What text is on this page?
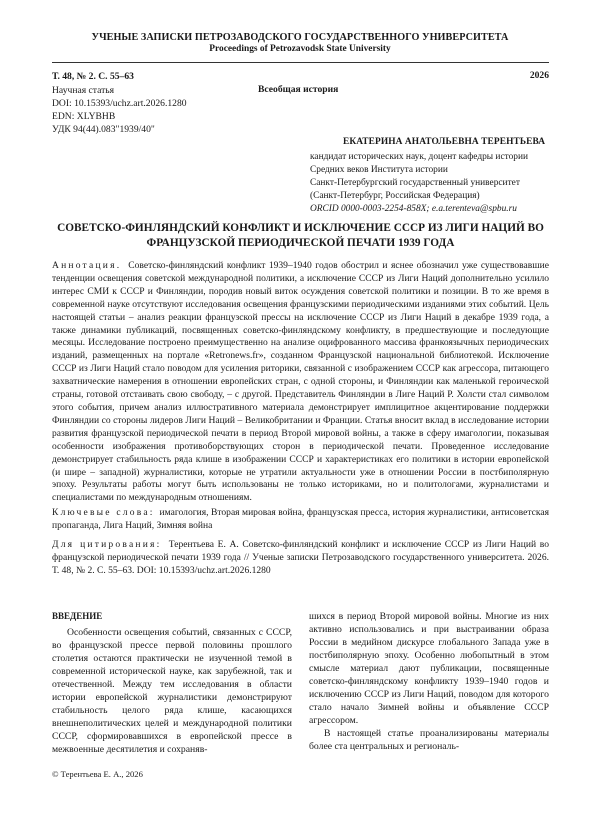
УЧЕНЫЕ ЗАПИСКИ ПЕТРОЗАВОДСКОГО ГОСУДАРСТВЕННОГО УНИВЕРСИТЕТА
Proceedings of Petrozavodsk State University
Т. 48, № 2. С. 55–63	2026
Научная статья	Всеобщая история
DOI: 10.15393/uchz.art.2026.1280
EDN: XLYBHB
УДК 94(44).083"1939/40"
ЕКАТЕРИНА АНАТОЛЬЕВНА ТЕРЕНТЬЕВА
кандидат исторических наук, доцент кафедры истории
Средних веков Института истории
Санкт-Петербургский государственный университет
(Санкт-Петербург, Российская Федерация)
ORCID 0000-0003-2254-858X; e.a.terenteva@spbu.ru
СОВЕТСКО-ФИНЛЯНДСКИЙ КОНФЛИКТ И ИСКЛЮЧЕНИЕ СССР ИЗ ЛИГИ НАЦИЙ ВО ФРАНЦУЗСКОЙ ПЕРИОДИЧЕСКОЙ ПЕЧАТИ 1939 ГОДА

Аннотация. Советско-финляндский конфликт 1939–1940 годов обострил и яснее обозначил уже существовавшие тенденции освещения советской международной политики, а исключение СССР из Лиги Наций дополнительно усилило интерес СМИ к СССР и Финляндии, породив новый виток осуждения советской политики и позиции. В то же время в современной науке отсутствуют исследования освещения французскими периодическими изданиями этих событий. Цель настоящей статьи – анализ реакции французской прессы на исключение СССР из Лиги Наций в декабре 1939 года, а также динамики публикаций, посвященных советско-финляндскому конфликту, в предшествующие и последующие месяцы. Исследование построено преимущественно на анализе оцифрованного массива франкоязычных периодических изданий, размещенных на портале «Retronews.fr», созданном Французской национальной библиотекой. Исключение СССР из Лиги Наций стало поводом для усиления риторики, связанной с изображением СССР как агрессора, питающего захватнические намерения в отношении европейских стран, с одной стороны, и Финляндии как маленькой героической страны, готовой отстаивать свою свободу, – с другой. Представитель Финляндии в Лиге Наций Р. Холсти стал символом этого события, причем анализ иллюстративного материала демонстрирует имплицитное акцентирование поддержки Финляндии со стороны лидеров Лиги Наций – Великобритании и Франции. Статья вносит вклад в исследование истории развития французской периодической печати в период Второй мировой войны, а также в сферу имагологии, показывая особенности изображения противоборствующих сторон в периодической печати. Проведенное исследование демонстрирует стабильность ряда клише в изображении СССР и характеристиках его политики в истории европейской (и шире – западной) журналистики, которые не утратили актуальности уже в отношении России в постбиполярную эпоху. Результаты работы могут быть использованы не только историками, но и политологами, журналистами и специалистами по международным отношениям.

Ключевые слова: имагология, Вторая мировая война, французская пресса, история журналистики, антисоветская пропаганда, Лига Наций, Зимняя война

Для цитирования: Терентьева Е. А. Советско-финляндский конфликт и исключение СССР из Лиги Наций во французской периодической печати 1939 года // Ученые записки Петрозаводского государственного университета. 2026. Т. 48, № 2. С. 55–63. DOI: 10.15393/uchz.art.2026.1280

ВВЕДЕНИЕ

Особенности освещения событий, связанных с СССР, во французской прессе первой половины прошлого столетия остаются практически не изученной темой в современной исторической науке, как зарубежной, так и отечественной. Между тем исследования в области истории европейской журналистики демонстрируют стабильность целого ряда клише, касающихся внешнеполитических целей и международной политики СССР, сформировавшихся в европейской прессе в межвоенные десятилетия и сохраняв-

шихся в период Второй мировой войны. Многие из них активно использовались и при выстраивании образа России в медийном дискурсе глобального Запада уже в постбиполярную эпоху. Особенно любопытный в этом смысле материал дают публикации, посвященные советско-финляндскому конфликту 1939–1940 годов и исключению СССР из Лиги Наций, поводом для которого стало начало Зимней войны и объявление СССР агрессором.

В настоящей статье проанализированы материалы более ста центральных и региональ-

© Терентьева Е. А., 2026
